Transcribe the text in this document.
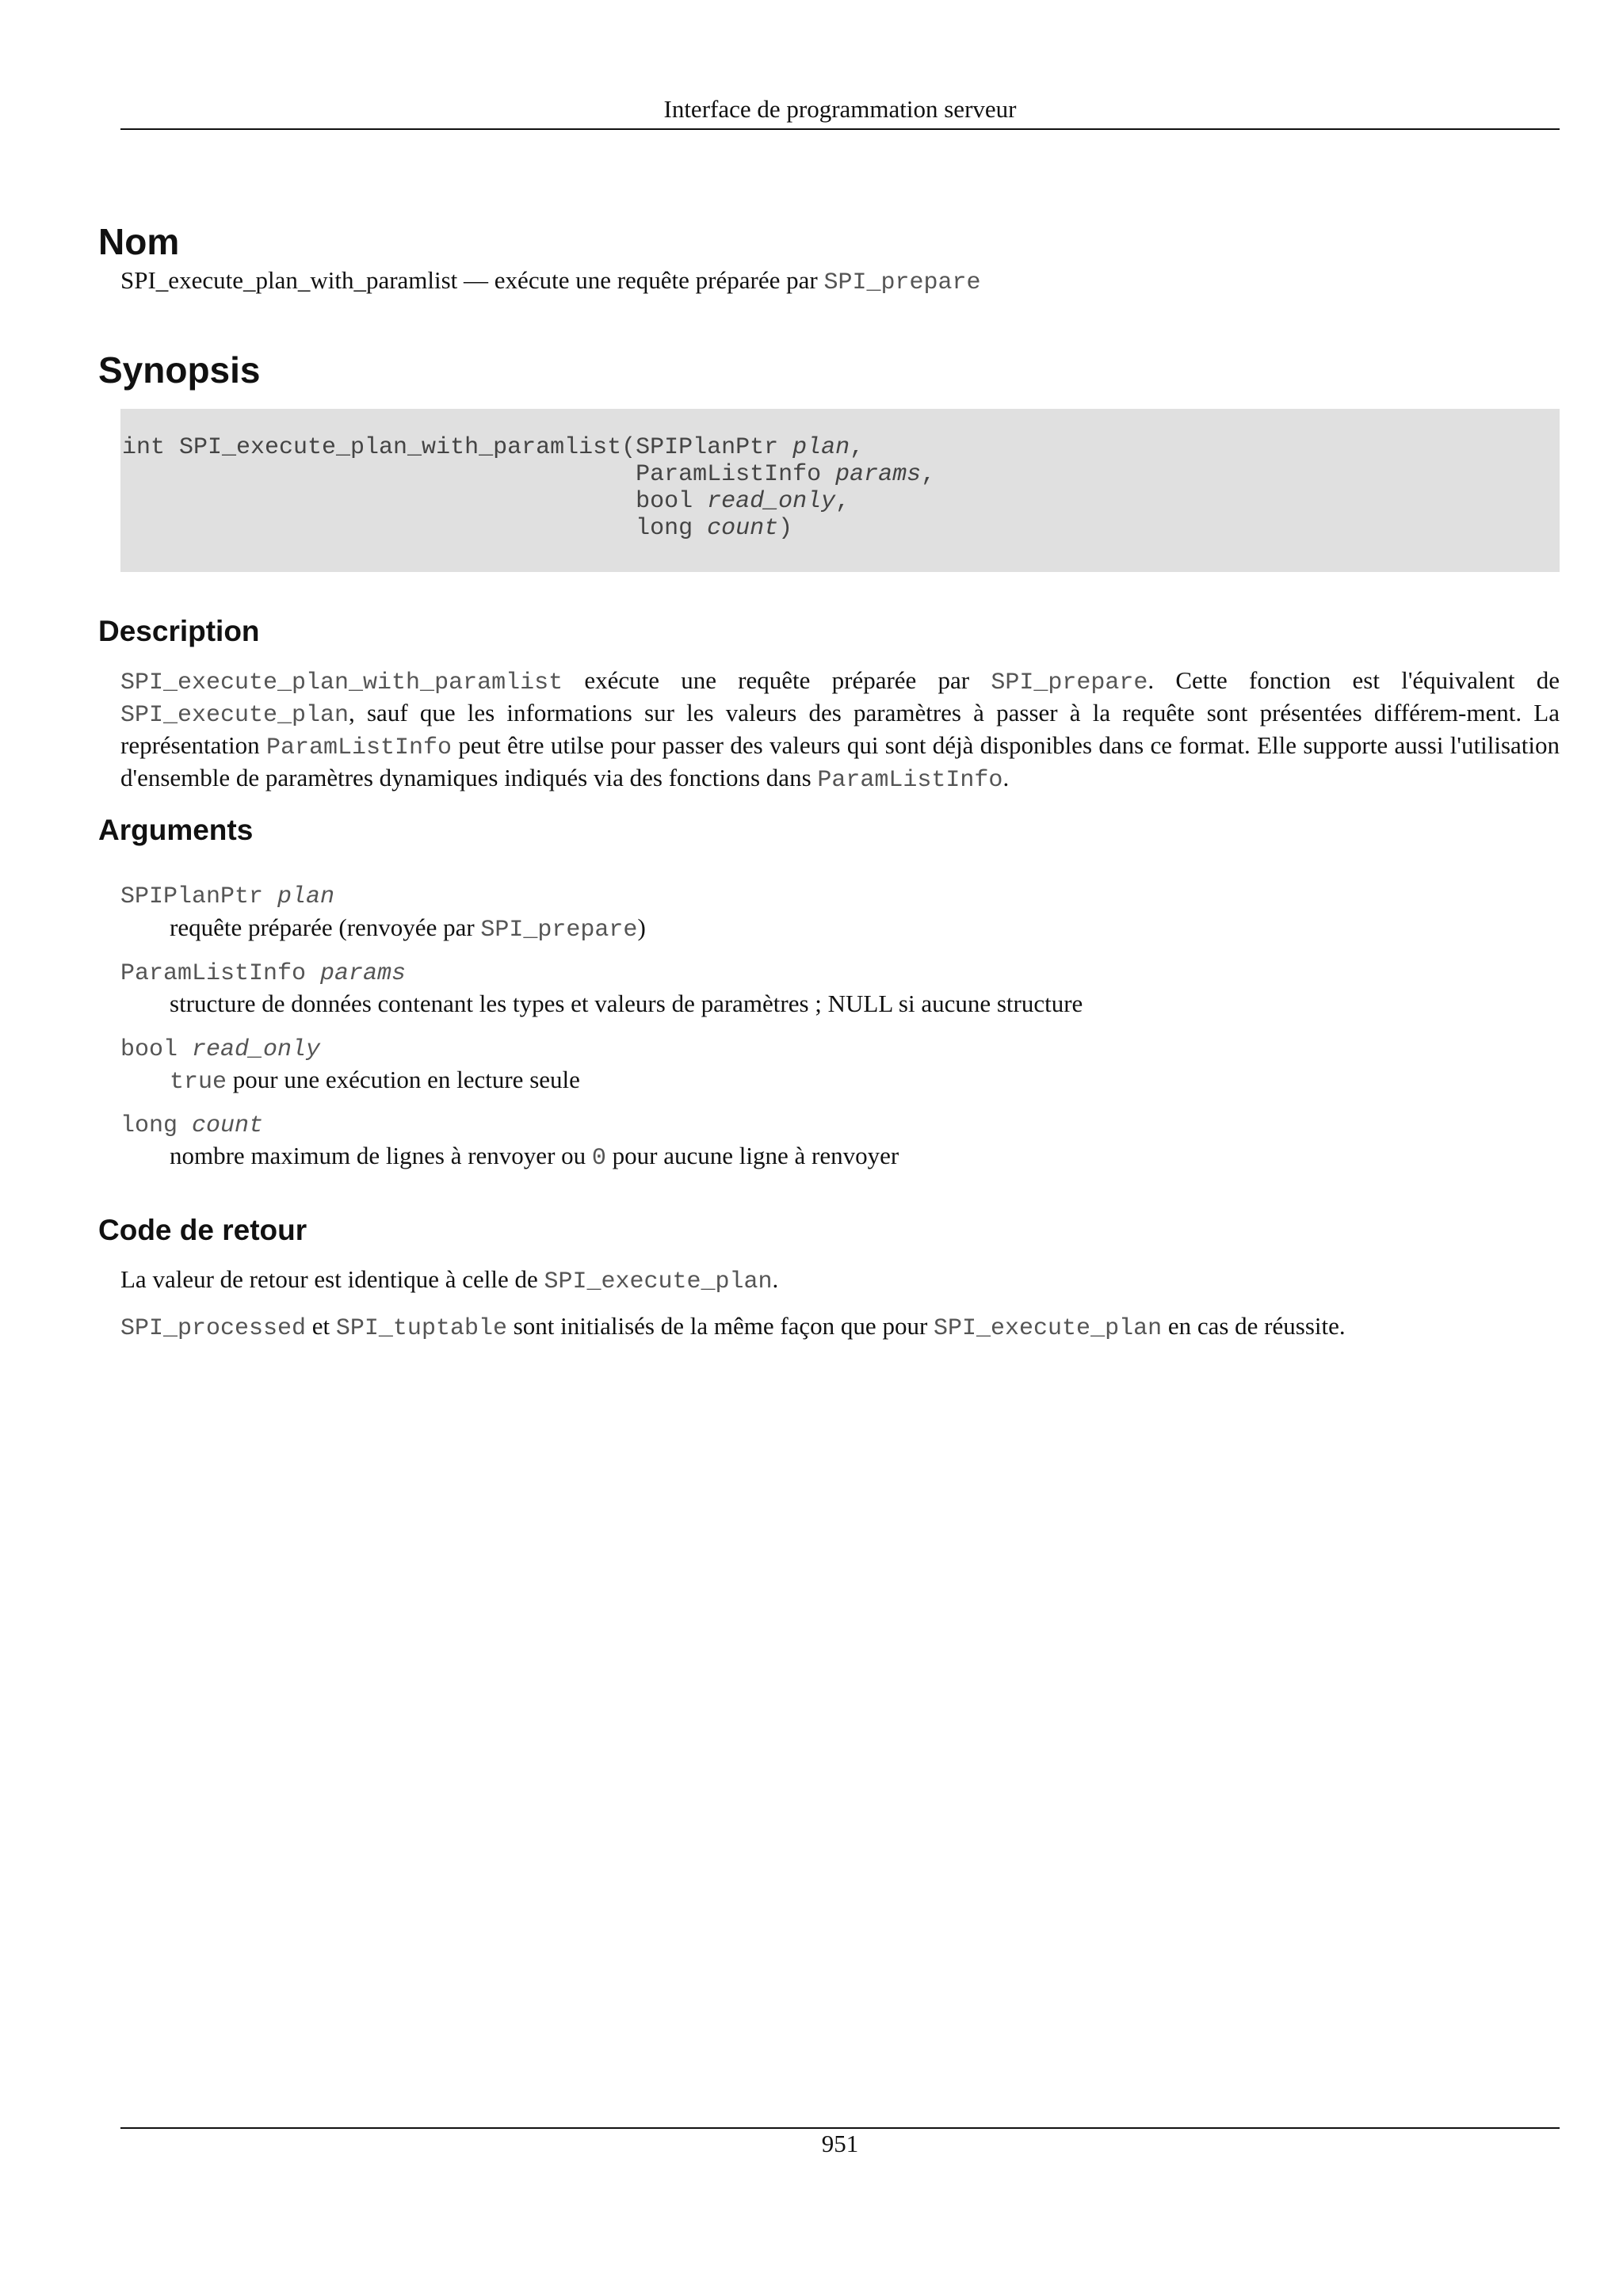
Interface de programmation serveur
Nom

SPI_execute_plan_with_paramlist — exécute une requête préparée par SPI_prepare

Synopsis
int SPI_execute_plan_with_paramlist(SPIPlanPtr plan,
ParamListInfo params,
bool read_only,
long count)
Description

SPI_execute_plan_with_paramlist exécute une requête préparée par SPI_prepare. Cette fonction est l'équivalent de SPI_execute_plan, sauf que les informations sur les valeurs des paramètres à passer à la requête sont présentées différem-ment. La représentation ParamListInfo peut être utilse pour passer des valeurs qui sont déjà disponibles dans ce format. Elle supporte aussi l'utilisation d'ensemble de paramètres dynamiques indiqués via des fonctions dans ParamListInfo.

Arguments
SPIPlanPtr plan
requête préparée (renvoyée par SPI_prepare)
ParamListInfo params
structure de données contenant les types et valeurs de paramètres ; NULL si aucune structure
bool read_only
true pour une exécution en lecture seule
long count
nombre maximum de lignes à renvoyer ou 0 pour aucune ligne à renvoyer
Code de retour

La valeur de retour est identique à celle de SPI_execute_plan.

SPI_processed et SPI_tuptable sont initialisés de la même façon que pour SPI_execute_plan en cas de réussite.

951
